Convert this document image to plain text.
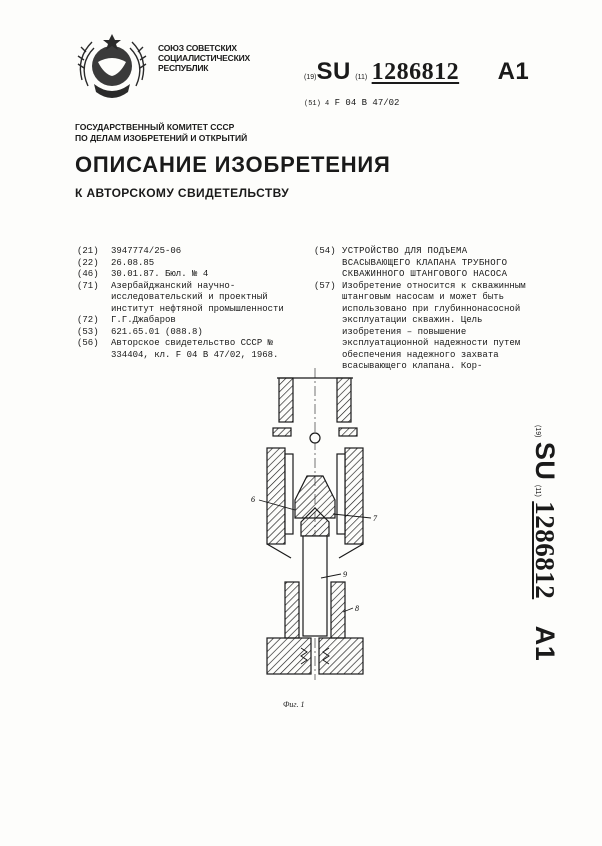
СОЮЗ СОВЕТСКИХ
СОЦИАЛИСТИЧЕСКИХ
РЕСПУБЛИК
(19)SU (11) 1286812 A1
(51) 4 F 04 B 47/02
ГОСУДАРСТВЕННЫЙ КОМИТЕТ СССР
ПО ДЕЛАМ ИЗОБРЕТЕНИЙ И ОТКРЫТИЙ
ОПИСАНИЕ ИЗОБРЕТЕНИЯ
К АВТОРСКОМУ СВИДЕТЕЛЬСТВУ
(21)	3947774/25-06
(22)	26.08.85
(46)	30.01.87. Бюл. № 4
(71)	Азербайджанский научно-исследовательский и проектный институт нефтяной промышленности
(72)	Г.Г.Джабаров
(53)	621.65.01 (088.8)
(56)	Авторское свидетельство СССР № 334404, кл. F 04 B 47/02, 1968.
(54) УСТРОЙСТВО ДЛЯ ПОДЪЕМА ВСАСЫВАЮЩЕГО КЛАПАНА ТРУБНОГО СКВАЖИННОГО ШТАНГОВОГО НАСОСА
(57) Изобретение относится к скважинным штанговым насосам и может быть использовано при глубиннонасосной эксплуатации скважин. Цель изобретения – повышение эксплуатационной надежности путем обеспечения надежного захвата всасывающего клапана. Кор-
6
7
9
8
Фиг. 1
(19) SU (11) 1286812 A1
